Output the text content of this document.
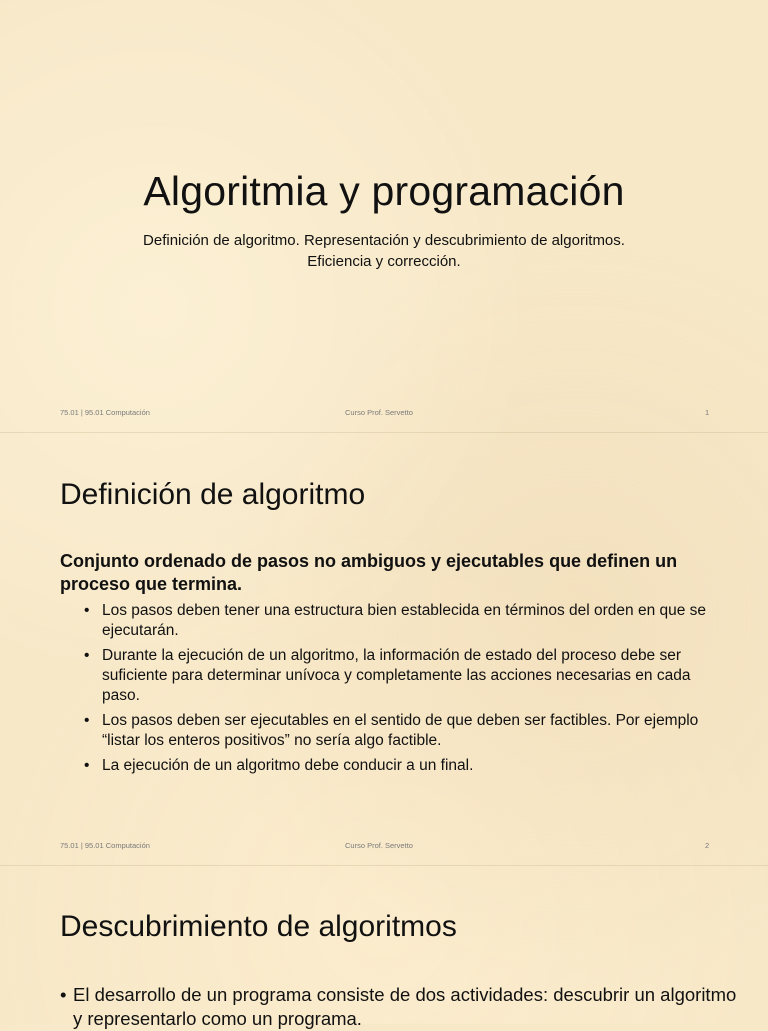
Algoritmia y programación
Definición de algoritmo. Representación y descubrimiento de algoritmos. Eficiencia y corrección.
75.01 | 95.01 Computación	Curso Prof. Servetto	1
Definición de algoritmo
Conjunto ordenado de pasos no ambiguos y ejecutables que definen un proceso que termina.
• Los pasos deben tener una estructura bien establecida en términos del orden en que se ejecutarán.
• Durante la ejecución de un algoritmo, la información de estado del proceso debe ser suficiente para determinar unívoca y completamente las acciones necesarias en cada paso.
• Los pasos deben ser ejecutables en el sentido de que deben ser factibles. Por ejemplo “listar los enteros positivos” no sería algo factible.
• La ejecución de un algoritmo debe conducir a un final.
75.01 | 95.01 Computación	Curso Prof. Servetto	2
Descubrimiento de algoritmos
• El desarrollo de un programa consiste de dos actividades: descubrir un algoritmo y representarlo como un programa.
